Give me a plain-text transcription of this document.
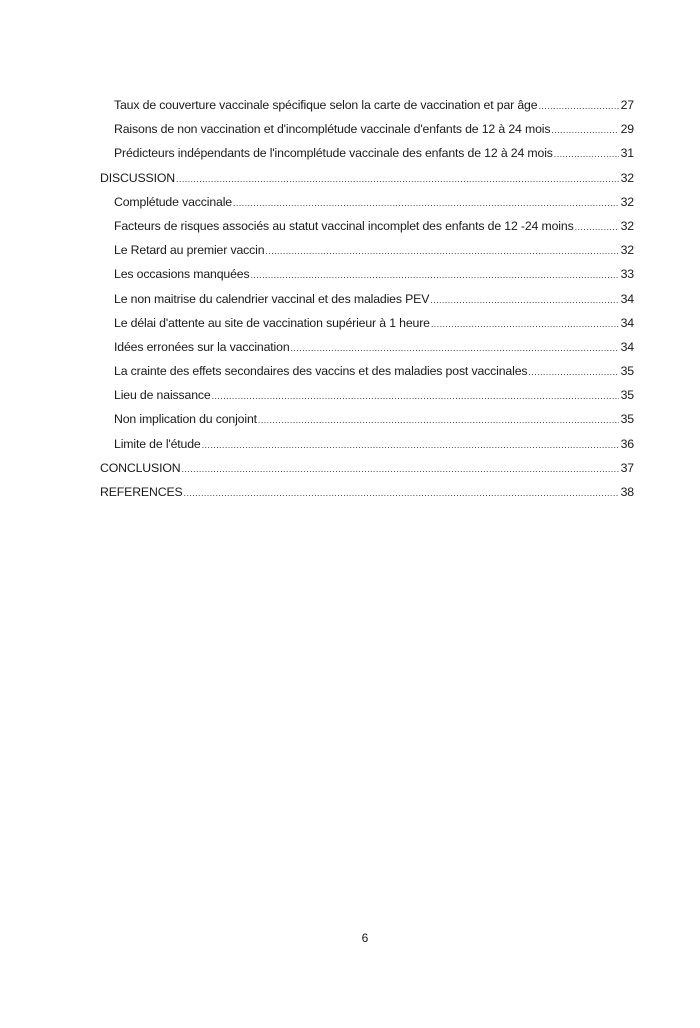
Taux de couverture vaccinale spécifique selon la carte de vaccination et par âge .....	27
Raisons de non vaccination et d'incomplétude vaccinale d'enfants de 12 à 24 mois .....	29
Prédicteurs indépendants de l'incomplétude vaccinale des enfants de 12 à 24 mois .....	31
DISCUSSION .....	32
Complétude vaccinale .....	32
Facteurs de risques associés au statut vaccinal incomplet des enfants de 12 -24 moins .....	32
Le Retard au premier vaccin .....	32
Les occasions manquées .....	33
Le non maitrise du calendrier vaccinal et des maladies PEV .....	34
Le délai d'attente au site de vaccination supérieur à 1 heure .....	34
Idées erronées sur la vaccination .....	34
La crainte des effets secondaires des vaccins et des maladies post vaccinales .....	35
Lieu de naissance .....	35
Non implication du conjoint .....	35
Limite de l'étude .....	36
CONCLUSION .....	37
REFERENCES .....	38
6
